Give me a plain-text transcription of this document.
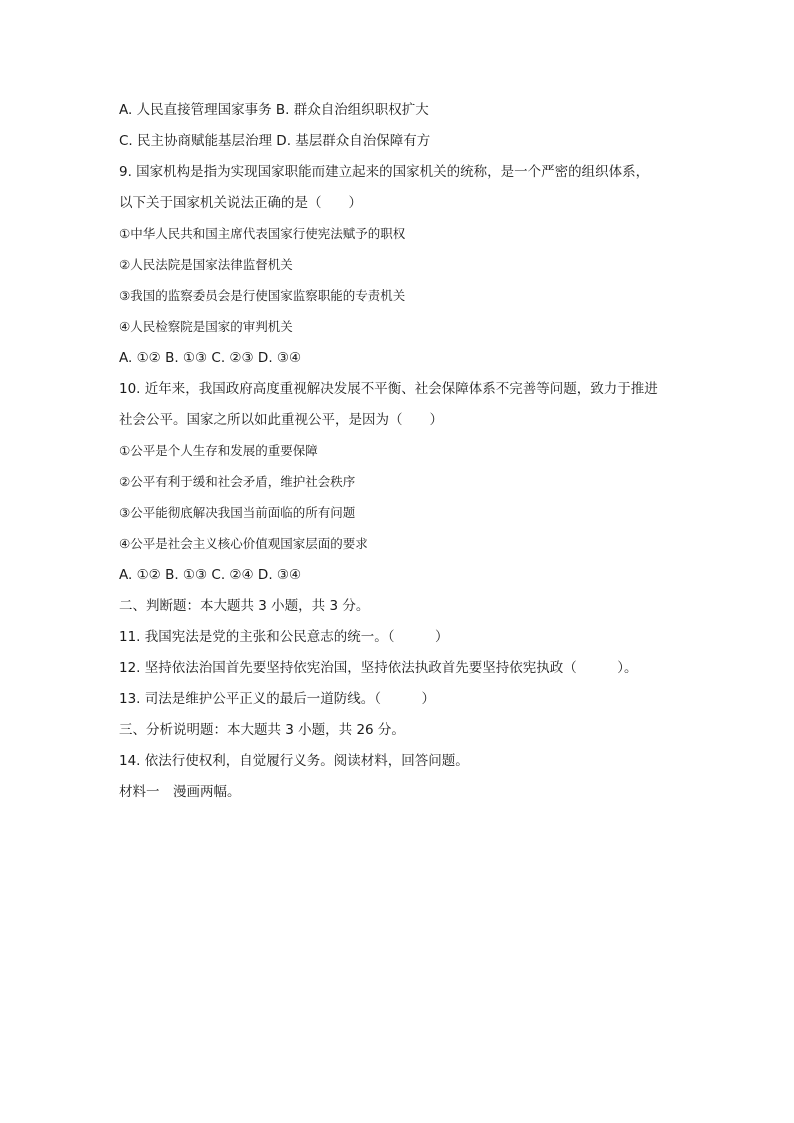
A. 人民直接管理国家事务 B. 群众自治组织职权扩大
C. 民主协商赋能基层治理 D. 基层群众自治保障有方
9. 国家机构是指为实现国家职能而建立起来的国家机关的统称，是一个严密的组织体系，
以下关于国家机关说法正确的是（　　）
①中华人民共和国主席代表国家行使宪法赋予的职权
②人民法院是国家法律监督机关
③我国的监察委员会是行使国家监察职能的专责机关
④人民检察院是国家的审判机关
A. ①② B. ①③ C. ②③ D. ③④
10. 近年来，我国政府高度重视解决发展不平衡、社会保障体系不完善等问题，致力于推进
社会公平。国家之所以如此重视公平，是因为（　　）
①公平是个人生存和发展的重要保障
②公平有利于缓和社会矛盾，维护社会秩序
③公平能彻底解决我国当前面临的所有问题
④公平是社会主义核心价值观国家层面的要求
A. ①② B. ①③ C. ②④ D. ③④
二、判断题：本大题共 3 小题，共 3 分。
11. 我国宪法是党的主张和公民意志的统一。（　　　）
12. 坚持依法治国首先要坚持依宪治国，坚持依法执政首先要坚持依宪执政（　　　）。
13. 司法是维护公平正义的最后一道防线。（　　　）
三、分析说明题：本大题共 3 小题，共 26 分。
14. 依法行使权利，自觉履行义务。阅读材料，回答问题。
材料一　漫画两幅。
